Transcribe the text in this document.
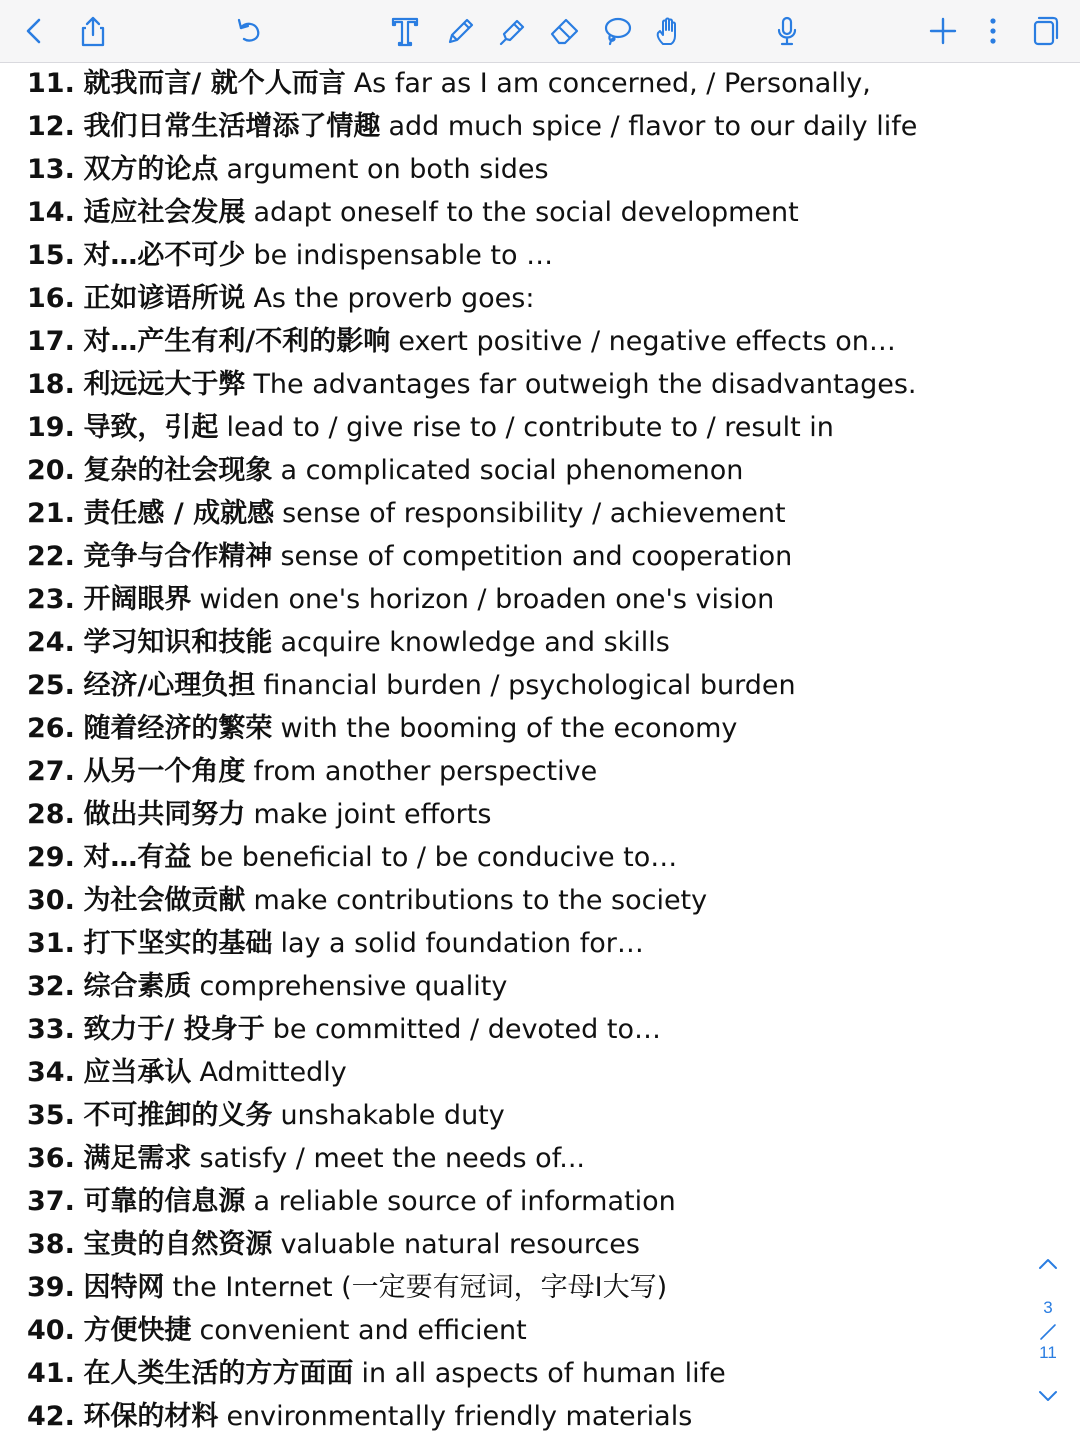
11. 就我而言/ 就个人而言 As far as I am concerned, / Personally,
12. 我们日常生活增添了情趣 add much spice / flavor to our daily life
13. 双方的论点 argument on both sides
14. 适应社会发展 adapt oneself to the social development
15. 对…必不可少 be indispensable to …
16. 正如谚语所说 As the proverb goes:
17. 对…产生有利/不利的影响 exert positive / negative effects on…
18. 利远远大于弊 The advantages far outweigh the disadvantages.
19. 导致，引起 lead to / give rise to / contribute to / result in
20. 复杂的社会现象 a complicated social phenomenon
21. 责任感 / 成就感 sense of responsibility / achievement
22. 竞争与合作精神 sense of competition and cooperation
23. 开阔眼界 widen one's horizon / broaden one's vision
24. 学习知识和技能 acquire knowledge and skills
25. 经济/心理负担 financial burden / psychological burden
26. 随着经济的繁荣 with the booming of the economy
27. 从另一个角度 from another perspective
28. 做出共同努力 make joint efforts
29. 对…有益 be beneficial to / be conducive to…
30. 为社会做贡献 make contributions to the society
31. 打下坚实的基础 lay a solid foundation for…
32. 综合素质 comprehensive quality
33. 致力于/ 投身于 be committed / devoted to…
34. 应当承认 Admittedly
35. 不可推卸的义务 unshakable duty
36. 满足需求 satisfy / meet the needs of...
37. 可靠的信息源 a reliable source of information
38. 宝贵的自然资源 valuable natural resources
39. 因特网 the Internet (一定要有冠词，字母I大写)
40. 方便快捷 convenient and efficient
41. 在人类生活的方方面面 in all aspects of human life
42. 环保的材料 environmentally friendly materials
3
11
